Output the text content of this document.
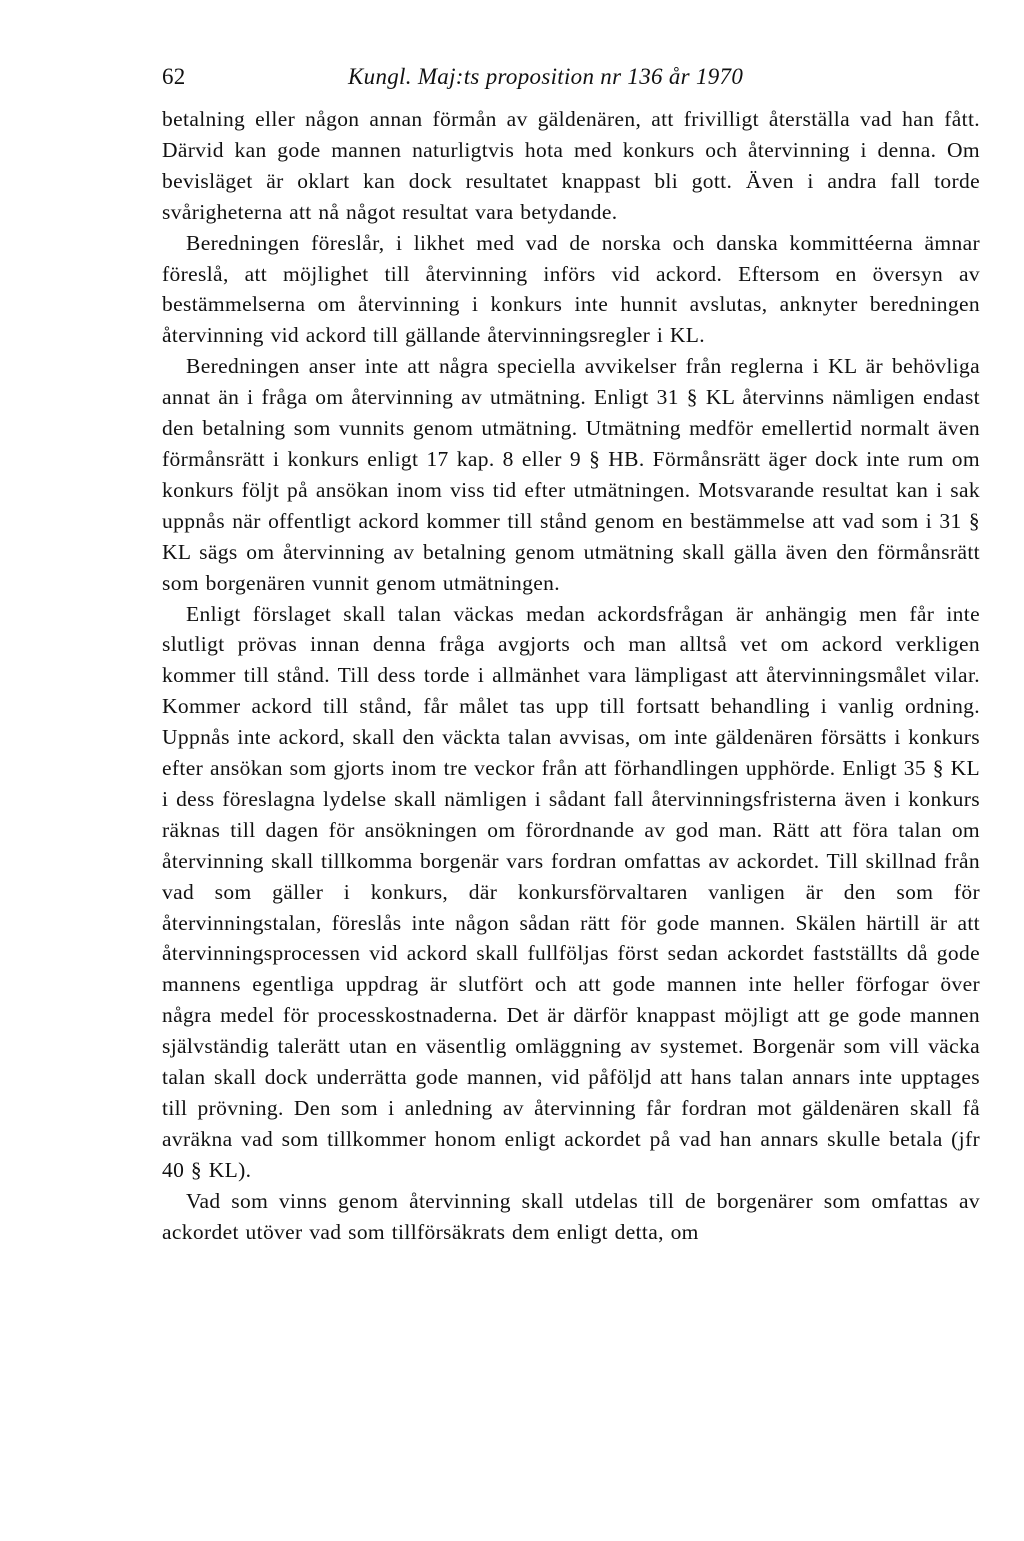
62	Kungl. Maj:ts proposition nr 136 år 1970

betalning eller någon annan förmån av gäldenären, att frivilligt återställa vad han fått. Därvid kan gode mannen naturligtvis hota med konkurs och återvinning i denna. Om bevisläget är oklart kan dock resultatet knappast bli gott. Även i andra fall torde svårigheterna att nå något resultat vara betydande.

Beredningen föreslår, i likhet med vad de norska och danska kommittéerna ämnar föreslå, att möjlighet till återvinning införs vid ackord. Eftersom en översyn av bestämmelserna om återvinning i konkurs inte hunnit avslutas, anknyter beredningen återvinning vid ackord till gällande återvinningsregler i KL.

Beredningen anser inte att några speciella avvikelser från reglerna i KL är behövliga annat än i fråga om återvinning av utmätning. Enligt 31 § KL återvinns nämligen endast den betalning som vunnits genom utmätning. Utmätning medför emellertid normalt även förmånsrätt i konkurs enligt 17 kap. 8 eller 9 § HB. Förmånsrätt äger dock inte rum om konkurs följt på ansökan inom viss tid efter utmätningen. Motsvarande resultat kan i sak uppnås när offentligt ackord kommer till stånd genom en bestämmelse att vad som i 31 § KL sägs om återvinning av betalning genom utmätning skall gälla även den förmånsrätt som borgenären vunnit genom utmätningen.

Enligt förslaget skall talan väckas medan ackordsfrågan är anhängig men får inte slutligt prövas innan denna fråga avgjorts och man alltså vet om ackord verkligen kommer till stånd. Till dess torde i allmänhet vara lämpligast att återvinningsmålet vilar. Kommer ackord till stånd, får målet tas upp till fortsatt behandling i vanlig ordning. Uppnås inte ackord, skall den väckta talan avvisas, om inte gäldenären försätts i konkurs efter ansökan som gjorts inom tre veckor från att förhandlingen upphörde. Enligt 35 § KL i dess föreslagna lydelse skall nämligen i sådant fall återvinningsfristerna även i konkurs räknas till dagen för ansökningen om förordnande av god man. Rätt att föra talan om återvinning skall tillkomma borgenär vars fordran omfattas av ackordet. Till skillnad från vad som gäller i konkurs, där konkursförvaltaren vanligen är den som för återvinningstalan, föreslås inte någon sådan rätt för gode mannen. Skälen härtill är att återvinningsprocessen vid ackord skall fullföljas först sedan ackordet fastställts då gode mannens egentliga uppdrag är slutfört och att gode mannen inte heller förfogar över några medel för processkostnaderna. Det är därför knappast möjligt att ge gode mannen självständig talerätt utan en väsentlig omläggning av systemet. Borgenär som vill väcka talan skall dock underrätta gode mannen, vid påföljd att hans talan annars inte upptages till prövning. Den som i anledning av återvinning får fordran mot gäldenären skall få avräkna vad som tillkommer honom enligt ackordet på vad han annars skulle betala (jfr 40 § KL).

Vad som vinns genom återvinning skall utdelas till de borgenärer som omfattas av ackordet utöver vad som tillförsäkrats dem enligt detta, om
